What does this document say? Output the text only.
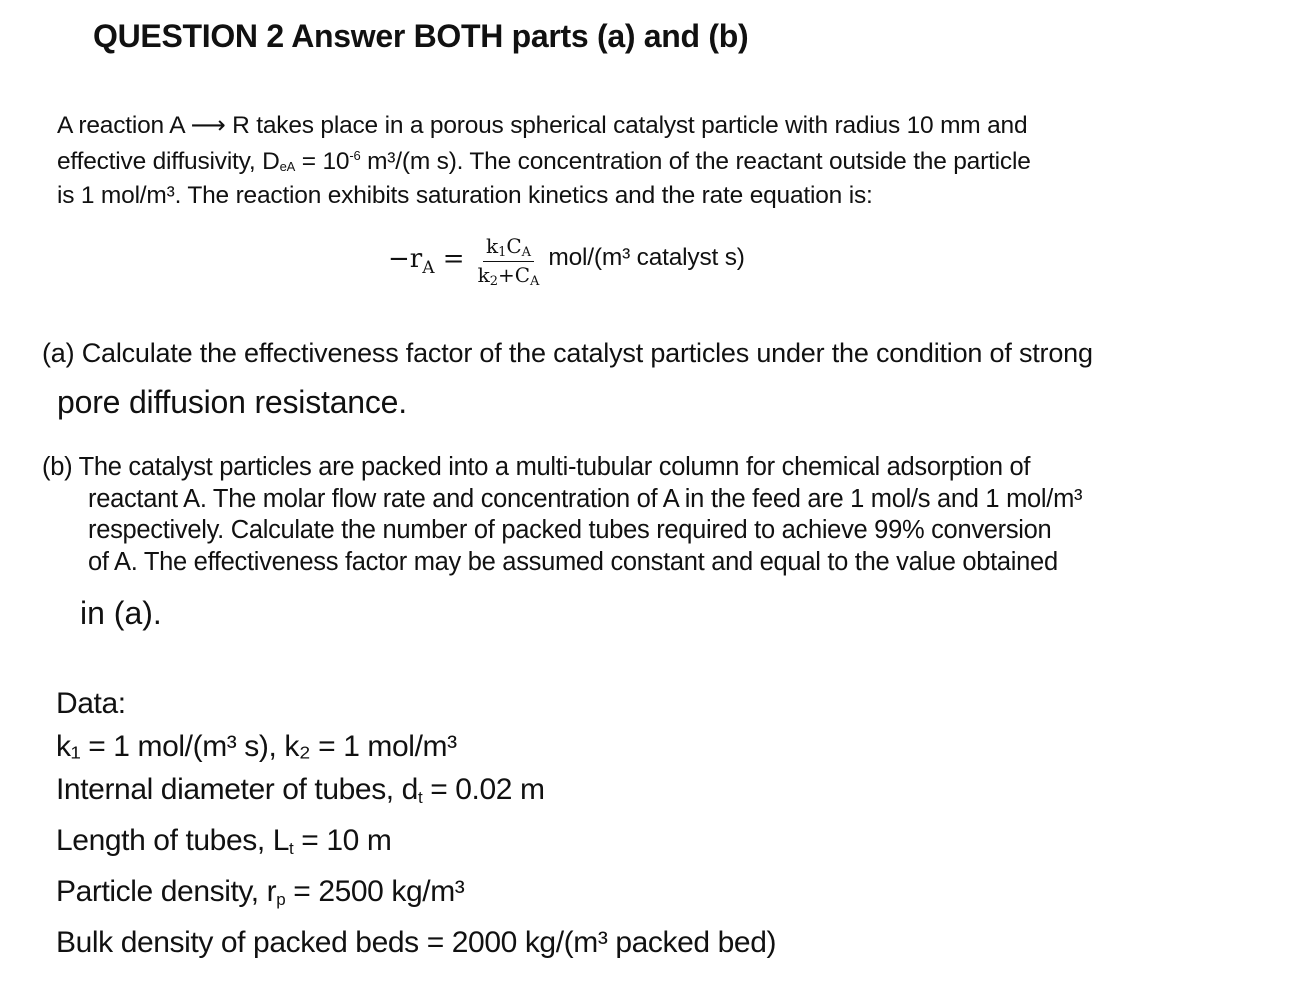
QUESTION 2 Answer BOTH parts (a) and (b)
A reaction A ⟶ R takes place in a porous spherical catalyst particle with radius 10 mm and
effective diffusivity, DeA = $10^{-6}$ m³/(m s). The concentration of the reactant outside the particle
is 1 mol/m³. The reaction exhibits saturation kinetics and the rate equation is:
$-r_A = \frac{k1CA}{k2+CA} mol/(m^3$ catalyst s)
(a) Calculate the effectiveness factor of the catalyst particles under the condition of strong
pore diffusion resistance.
(b) The catalyst particles are packed into a multi-tubular column for chemical adsorption of
reactant A. The molar flow rate and concentration of A in the feed are 1 mol/s and 1 mol/m³
respectively. Calculate the number of packed tubes required to achieve 99% conversion
of A. The effectiveness factor may be assumed constant and equal to the value obtained
in (a).
Data:
k₁ = 1 mol/(m³ s), k₂ = 1 mol/m³
Internal diameter of tubes, dt = 0.02 m
Length of tubes, Lt = 10 m
Particle density, rp = 2500 kg/m³
Bulk density of packed beds = 2000 kg/(m³ packed bed)
